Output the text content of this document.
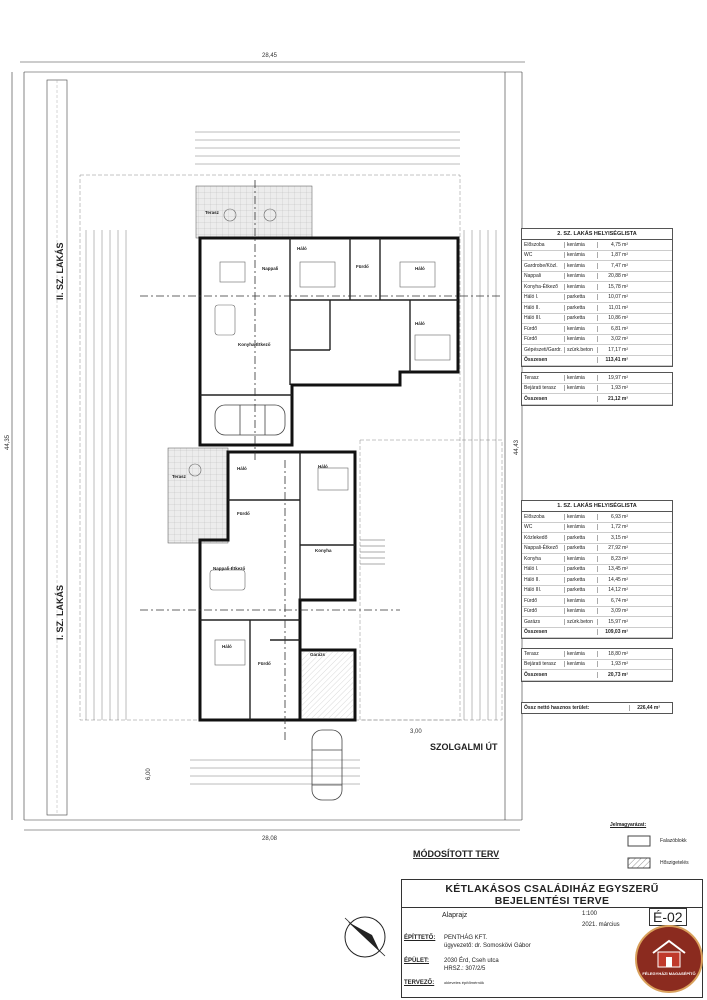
Terasz
Nappali
Háló
Fürdő	Háló
Konyha-Étkező
Háló
Terasz
Háló
Fürdő
Nappali-Étkező
Konyha
Háló
Garázs
Háló
Fürdő
28,45
28,08
44,35	44,43
3,00
6,00
II. SZ. LAKÁS
I. SZ. LAKÁS
SZOLGALMI ÚT
MÓDOSÍTOTT TERV
2. SZ. LAKÁS HELYISÉGLISTA
Előszoba	kerámia	4,75 m²
WC	kerámia	1,87 m²
Gardrobe/Közl.	kerámia	7,47 m²
Nappali	kerámia	20,88 m²
Konyha-Étkező	kerámia	15,78 m²
Háló I.	parketta	10,07 m²
Háló II.	parketta	11,01 m²
Háló III.	parketta	10,86 m²
Fürdő	kerámia	6,81 m²
Fürdő	kerámia	3,02 m²
Gépészeti/Gardr.	szürk.beton	17,17 m²
Összesen	113,41 m²
Terasz	kerámia	19,97 m²
Bejárati terasz	kerámia	1,93 m²
Összesen	21,12 m²
1. SZ. LAKÁS HELYISÉGLISTA
Előszoba	kerámia	6,93 m²
WC	kerámia	1,72 m²
Közlekedő	parketta	3,15 m²
Nappali-Étkező	parketta	27,92 m²
Konyha	kerámia	8,23 m²
Háló I.	parketta	13,45 m²
Háló II.	parketta	14,45 m²
Háló III.	parketta	14,12 m²
Fürdő	kerámia	6,74 m²
Fürdő	kerámia	3,09 m²
Garázs	szürk.beton	15,97 m²
Összesen	109,03 m²
Terasz	kerámia	18,80 m²
Bejárati terasz	kerámia	1,93 m²
Összesen	20,73 m²
Össz nettó hasznos terület:	226,44 m²
Jelmagyarázat:
Falazóblokk
Hőszigetelés
KÉTLAKÁSOS CSALÁDIHÁZ EGYSZERŰ
BEJELENTÉSI TERVE
Alaprajz	1:100
2021. március É-02
ÉPÍTTETŐ: PENTHÁG KFT.
ügyvezető: dr. Somoskövi Gábor
ÉPÜLET: 2030 Érd, Cseh utca
HRSZ.: 307/2/5
TERVEZŐ: okleveles építőmérnök
FÉLEGYHÁZI MAGASÉPÍTŐ
